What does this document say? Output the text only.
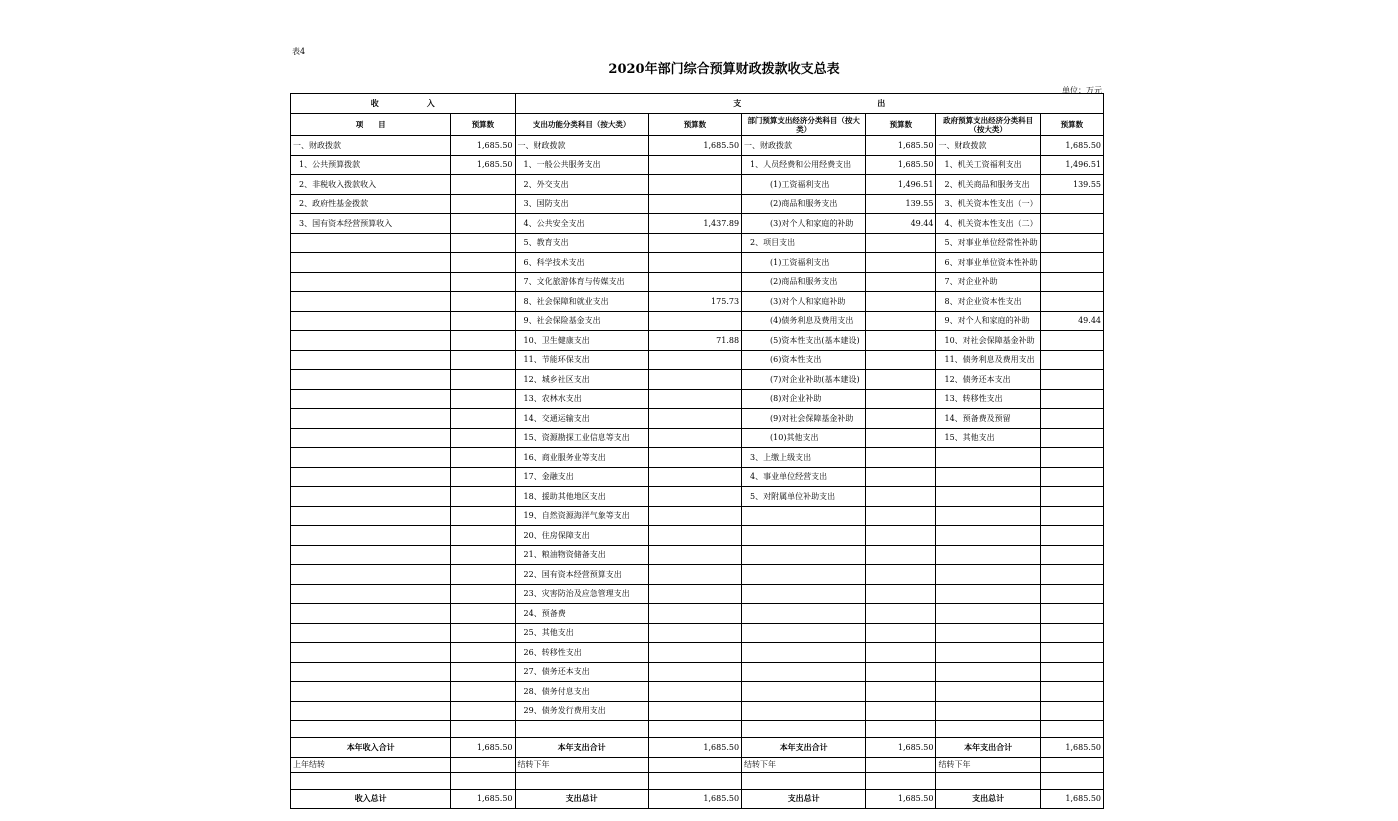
表4
2020年部门综合预算财政拨款收支总表
单位：万元
收　　　　　　入		支　　　　　　　　　　　　　　　　　出					
项　　目	预算数	支出功能分类科目（按大类）	预算数	部门预算支出经济分类科目（按大类）	预算数	政府预算支出经济分类科目（按大类）	预算数
一、财政拨款	1,685.50	一、财政拨款	1,685.50	一、财政拨款	1,685.50	一、财政拨款	1,685.50
1、公共预算拨款	1,685.50	1、一般公共服务支出		1、人员经费和公用经费支出	1,685.50	1、机关工资福利支出	1,496.51
2、非税收入拨款收入		2、外交支出		(1)工资福利支出	1,496.51	2、机关商品和服务支出	139.55
2、政府性基金拨款		3、国防支出		(2)商品和服务支出	139.55	3、机关资本性支出（一）	
3、国有资本经营预算收入		4、公共安全支出	1,437.89	(3)对个人和家庭的补助	49.44	4、机关资本性支出（二）	
		5、教育支出		2、项目支出		5、对事业单位经常性补助	
		6、科学技术支出		(1)工资福利支出		6、对事业单位资本性补助	
		7、文化旅游体育与传媒支出		(2)商品和服务支出		7、对企业补助	
		8、社会保障和就业支出	175.73	(3)对个人和家庭补助		8、对企业资本性支出	
		9、社会保险基金支出		(4)债务利息及费用支出		9、对个人和家庭的补助	49.44
		10、卫生健康支出	71.88	(5)资本性支出(基本建设)		10、对社会保障基金补助	
		11、节能环保支出		(6)资本性支出		11、债务利息及费用支出	
		12、城乡社区支出		(7)对企业补助(基本建设)		12、债务还本支出	
		13、农林水支出		(8)对企业补助		13、转移性支出	
		14、交通运输支出		(9)对社会保障基金补助		14、预备费及预留	
		15、资源勘探工业信息等支出		(10)其他支出		15、其他支出	
		16、商业服务业等支出		3、上缴上级支出			
		17、金融支出		4、事业单位经营支出			
		18、援助其他地区支出		5、对附属单位补助支出			
		19、自然资源海洋气象等支出					
		20、住房保障支出					
		21、粮油物资储备支出					
		22、国有资本经营预算支出					
		23、灾害防治及应急管理支出					
		24、预备费					
		25、其他支出					
		26、转移性支出					
		27、债务还本支出					
		28、债务付息支出					
		29、债务发行费用支出					

本年收入合计	1,685.50	本年支出合计	1,685.50	本年支出合计	1,685.50	本年支出合计	1,685.50
上年结转		结转下年		结转下年		结转下年	

收入总计	1,685.50	支出总计	1,685.50	支出总计	1,685.50	支出总计	1,685.50
